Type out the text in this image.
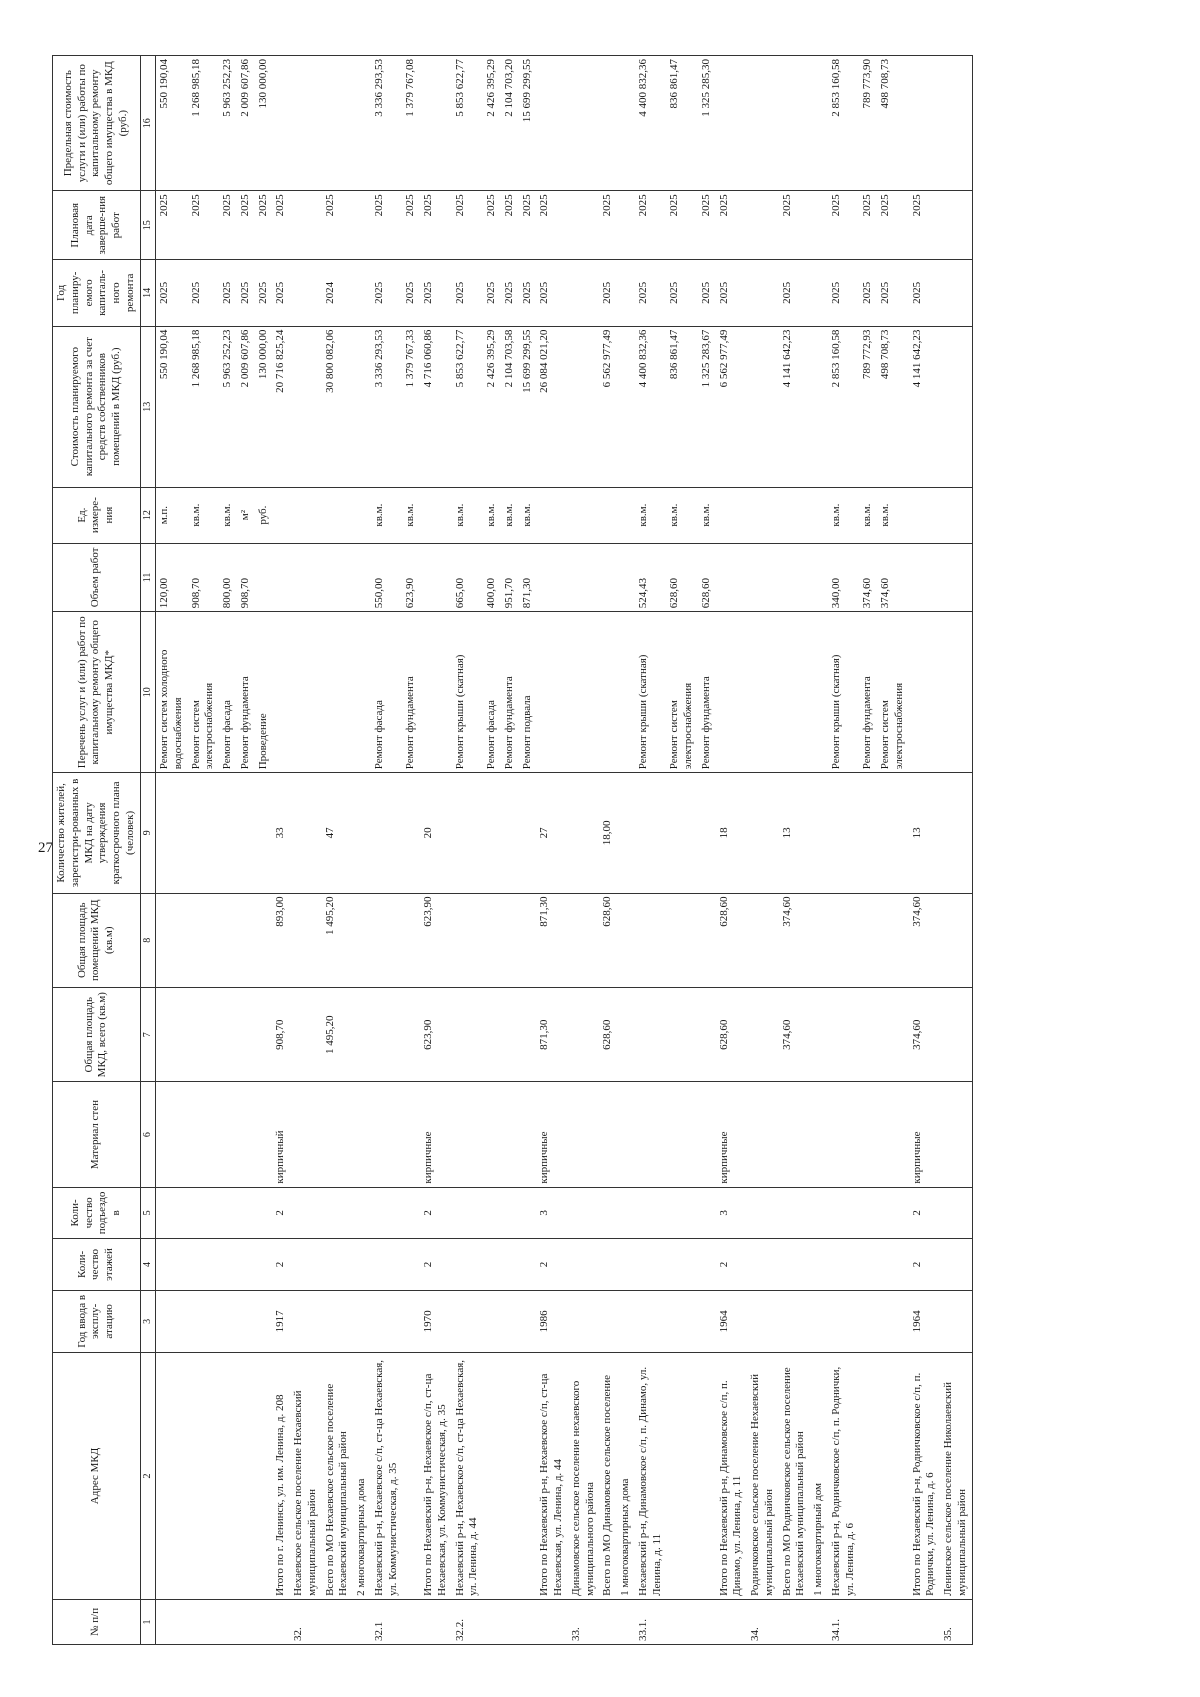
27
№ п/п	Адрес МКД	Год ввода в эксплу-атацию	Коли-чество этажей	Коли-чество подъездо в	Материал стен	Общая площадь МКД, всего (кв.м)	Общая площадь помещений МКД (кв.м)	Количество жителей, зарегистри-рованных в МКД на дату утверждения краткосрочного плана (человек)	Перечень услуг и (или) работ по капитальному ремонту общего имущества МКД*	Объем работ	Ед. измере-ния	Стоимость планируемого капитального ремонта за счет средств собственников помещений в МКД (руб.)	Год планиру-емого капиталь-ного ремонта	Плановая дата заверше-ния работ	Предельная стоимость услуги и (или) работы по капитальному ремонту общего имущества в МКД (руб.)
1	2	3	4	5	6	7	8	9	10	11	12	13	14	15	16
									Ремонт систем холодного водоснабжения	120,00	м.п.	550 190,04	2025	2025	550 190,04
									Ремонт систем электроснабжения	908,70	кв.м.	1 268 985,18	2025	2025	1 268 985,18
									Ремонт фасада	800,00	кв.м.	5 963 252,23	2025	2025	5 963 252,23
									Ремонт фундамента	908,70	м²	2 009 607,86	2025	2025	2 009 607,86
									Проведение		руб.	130 000,00	2025	2025	130 000,00
	Итого по г. Ленинск, ул. им. Ленина, д. 208	1917	2	2	кирпичный	908,70	893,00	33				20 716 825,24	2025	2025	
32.	Нехаевское сельское поселение Нехаевский муниципальный район														
	Всего по МО Нехаевское сельское поселение Нехаевский муниципальный район					1 495,20	1 495,20	47				30 800 082,06	2024	2025	
	2 многоквартирных дома														
32.1	Нехаевский р-н, Нехаевское с/п, ст-ца Нехаевская, ул. Коммунистическая, д. 35								Ремонт фасада	550,00	кв.м.	3 336 293,53	2025	2025	3 336 293,53
									Ремонт фундамента	623,90	кв.м.	1 379 767,33	2025	2025	1 379 767,08
	Итого по Нехаевский р-н, Нехаевское с/п, ст-ца Нехаевская, ул. Коммунистическая, д. 35	1970	2	2	кирпичные	623,90	623,90	20				4 716 060,86	2025	2025	
32.2.	Нехаевский р-н, Нехаевское с/п, ст-ца Нехаевская, ул. Ленина, д. 44								Ремонт крыши (скатная)	665,00	кв.м.	5 853 622,77	2025	2025	5 853 622,77
									Ремонт фасада	400,00	кв.м.	2 426 395,29	2025	2025	2 426 395,29
									Ремонт фундамента	951,70	кв.м.	2 104 703,58	2025	2025	2 104 703,20
									Ремонт подвала	871,30	кв.м.	15 699 299,55	2025	2025	15 699 299,55
	Итого по Нехаевский р-н, Нехаевское с/п, ст-ца Нехаевская, ул. Ленина, д. 44	1986	2	3	кирпичные	871,30	871,30	27				26 084 021,20	2025	2025	
33.	Динамовское сельское поселение нехаевского муниципального района														
	Всего по МО Динамовское сельское поселение					628,60	628,60	18,00				6 562 977,49	2025	2025	
	1 многоквартирных дома														
33.1.	Нехаевский р-н, Динамовское с/п, п. Динамо, ул. Ленина, д. 11								Ремонт крыши (скатная)	524,43	кв.м.	4 400 832,36	2025	2025	4 400 832,36
									Ремонт систем электроснабжения	628,60	кв.м.	836 861,47	2025	2025	836 861,47
									Ремонт фундамента	628,60	кв.м.	1 325 283,67	2025	2025	1 325 285,30
	Итого по Нехаевский р-н, Динамовское с/п, п. Динамо, ул. Ленина, д. 11	1964	2	3	кирпичные	628,60	628,60	18				6 562 977,49	2025	2025	
34.	Родничковское сельское поселение Нехаевский муниципальный район														
	Всего по МО Родничковское сельское поселение Нехаевский муниципальный район					374,60	374,60	13				4 141 642,23	2025	2025	
	1 многоквартирный дом														
34.1.	Нехаевский р-н, Родничковское с/п, п. Роднички, ул. Ленина, д. 6								Ремонт крыши (скатная)	340,00	кв.м.	2 853 160,58	2025	2025	2 853 160,58
									Ремонт фундамента	374,60	кв.м.	789 772,93	2025	2025	789 773,90
									Ремонт систем электроснабжения	374,60	кв.м.	498 708,73	2025	2025	498 708,73
	Итого по Нехаевский р-н, Родничковское с/п, п. Роднички, ул. Ленина, д. 6	1964	2	2	кирпичные	374,60	374,60	13				4 141 642,23	2025	2025	
35.	Ленинское сельское поселение Николаевский муниципальный район														
